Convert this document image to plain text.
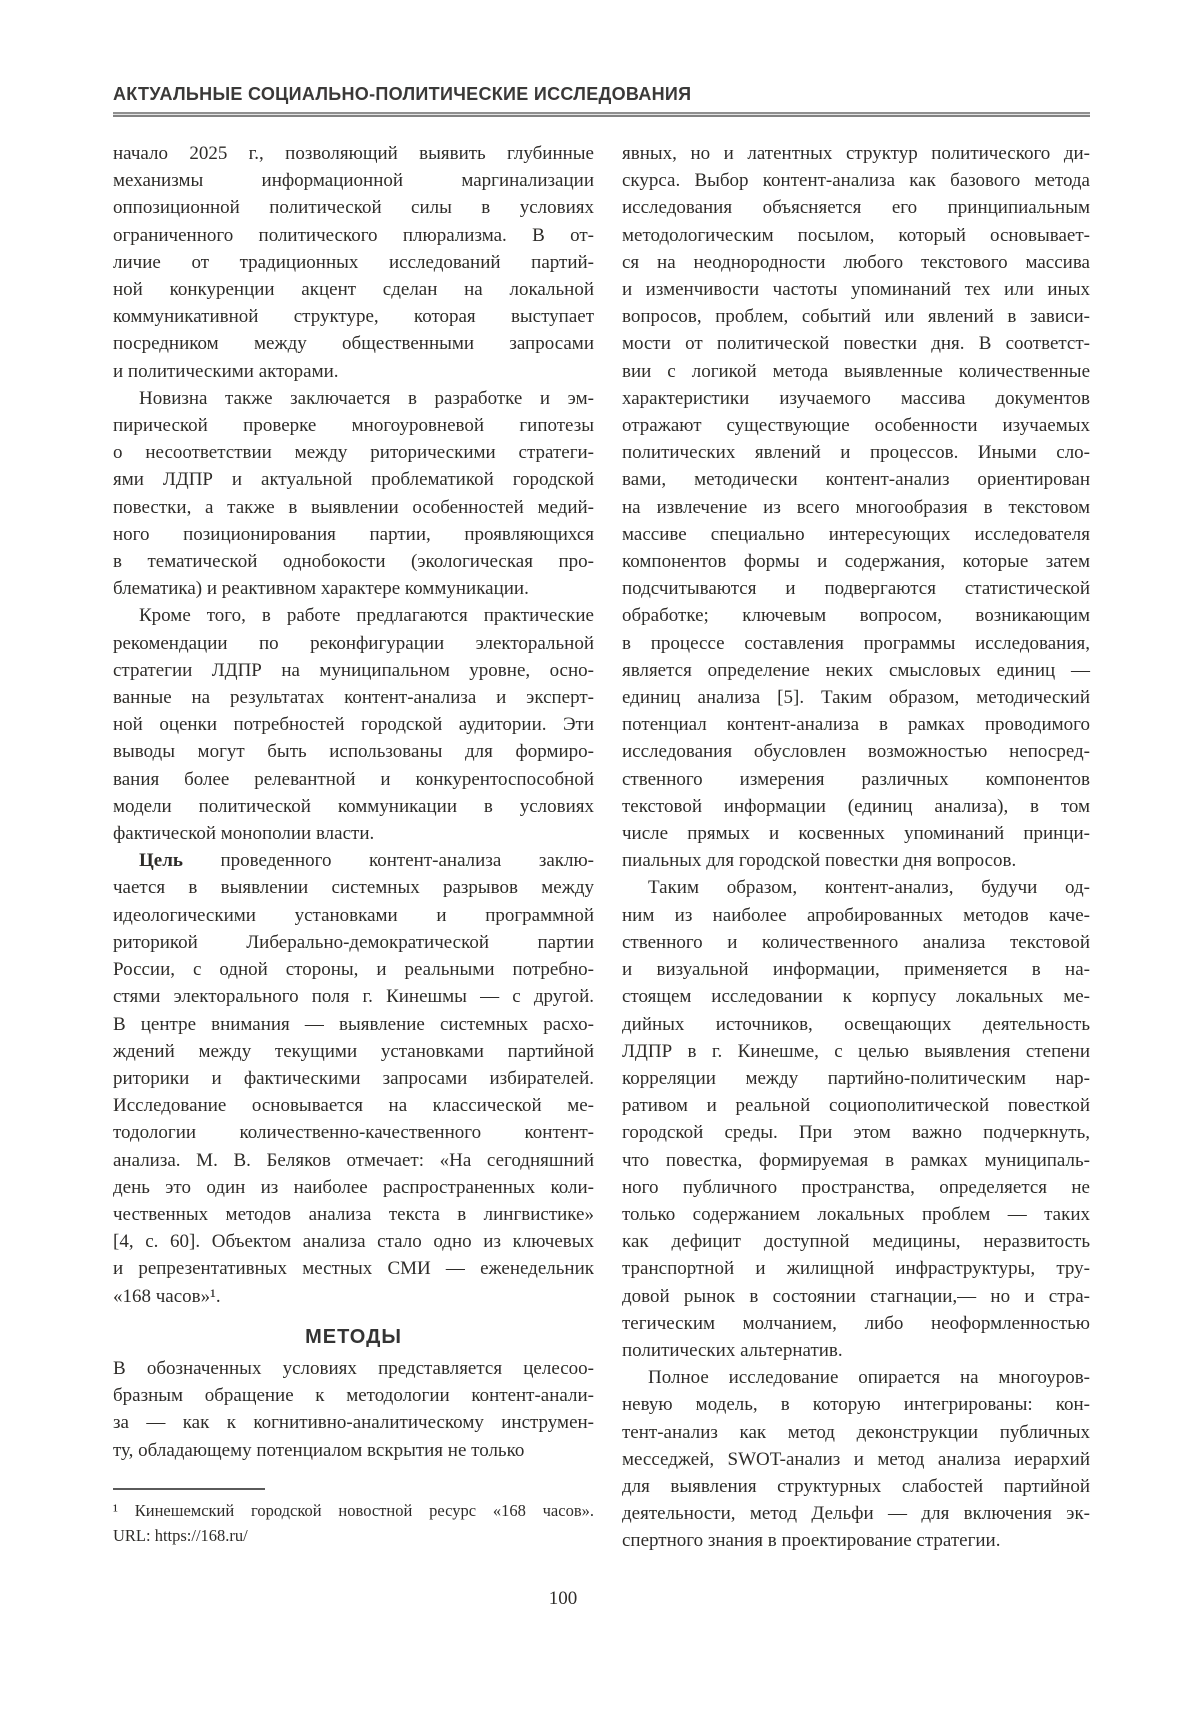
АКТУАЛЬНЫЕ СОЦИАЛЬНО-ПОЛИТИЧЕСКИЕ ИССЛЕДОВАНИЯ
начало 2025 г., позволяющий выявить глубинные
механизмы информационной маргинализации
оппозиционной политической силы в условиях
ограниченного политического плюрализма. В от-
личие от традиционных исследований партий-
ной конкуренции акцент сделан на локальной
коммуникативной структуре, которая выступает
посредником между общественными запросами
и политическими акторами.
Новизна также заключается в разработке и эм-
пирической проверке многоуровневой гипотезы
о несоответствии между риторическими стратеги-
ями ЛДПР и актуальной проблематикой городской
повестки, а также в выявлении особенностей медий-
ного позиционирования партии, проявляющихся
в тематической однобокости (экологическая про-
блематика) и реактивном характере коммуникации.
Кроме того, в работе предлагаются практические
рекомендации по реконфигурации электоральной
стратегии ЛДПР на муниципальном уровне, осно-
ванные на результатах контент-анализа и эксперт-
ной оценки потребностей городской аудитории. Эти
выводы могут быть использованы для формиро-
вания более релевантной и конкурентоспособной
модели политической коммуникации в условиях
фактической монополии власти.
Цель проведенного контент-анализа заклю-
чается в выявлении системных разрывов между
идеологическими установками и программной
риторикой Либерально-демократической партии
России, с одной стороны, и реальными потребно-
стями электорального поля г. Кинешмы — с другой.
В центре внимания — выявление системных расхо-
ждений между текущими установками партийной
риторики и фактическими запросами избирателей.
Исследование основывается на классической ме-
тодологии количественно-качественного контент-
анализа. М. В. Беляков отмечает: «На сегодняшний
день это один из наиболее распространенных коли-
чественных методов анализа текста в лингвистике»
[4, с. 60]. Объектом анализа стало одно из ключевых
и репрезентативных местных СМИ — еженедельник
«168 часов»¹.
МЕТОДЫ
В обозначенных условиях представляется целесоо-
бразным обращение к методологии контент-анали-
за — как к когнитивно-аналитическому инструмен-
ту, обладающему потенциалом вскрытия не только
явных, но и латентных структур политического ди-
скурса. Выбор контент-анализа как базового метода
исследования объясняется его принципиальным
методологическим посылом, который основывает-
ся на неоднородности любого текстового массива
и изменчивости частоты упоминаний тех или иных
вопросов, проблем, событий или явлений в зависи-
мости от политической повестки дня. В соответст-
вии с логикой метода выявленные количественные
характеристики изучаемого массива документов
отражают существующие особенности изучаемых
политических явлений и процессов. Иными сло-
вами, методически контент-анализ ориентирован
на извлечение из всего многообразия в текстовом
массиве специально интересующих исследователя
компонентов формы и содержания, которые затем
подсчитываются и подвергаются статистической
обработке; ключевым вопросом, возникающим
в процессе составления программы исследования,
является определение неких смысловых единиц —
единиц анализа [5]. Таким образом, методический
потенциал контент-анализа в рамках проводимого
исследования обусловлен возможностью непосред-
ственного измерения различных компонентов
текстовой информации (единиц анализа), в том
числе прямых и косвенных упоминаний принци-
пиальных для городской повестки дня вопросов.
Таким образом, контент-анализ, будучи од-
ним из наиболее апробированных методов каче-
ственного и количественного анализа текстовой
и визуальной информации, применяется в на-
стоящем исследовании к корпусу локальных ме-
дийных источников, освещающих деятельность
ЛДПР в г. Кинешме, с целью выявления степени
корреляции между партийно-политическим нар-
ративом и реальной социополитической повесткой
городской среды. При этом важно подчеркнуть,
что повестка, формируемая в рамках муниципаль-
ного публичного пространства, определяется не
только содержанием локальных проблем — таких
как дефицит доступной медицины, неразвитость
транспортной и жилищной инфраструктуры, тру-
довой рынок в состоянии стагнации,— но и стра-
тегическим молчанием, либо неоформленностью
политических альтернатив.
Полное исследование опирается на многоуров-
невую модель, в которую интегрированы: кон-
тент-анализ как метод деконструкции публичных
месседжей, SWOT-анализ и метод анализа иерархий
для выявления структурных слабостей партийной
деятельности, метод Дельфи — для включения эк-
спертного знания в проектирование стратегии.
¹ Кинешемский городской новостной ресурс «168 часов».
URL: https://168.ru/
100
